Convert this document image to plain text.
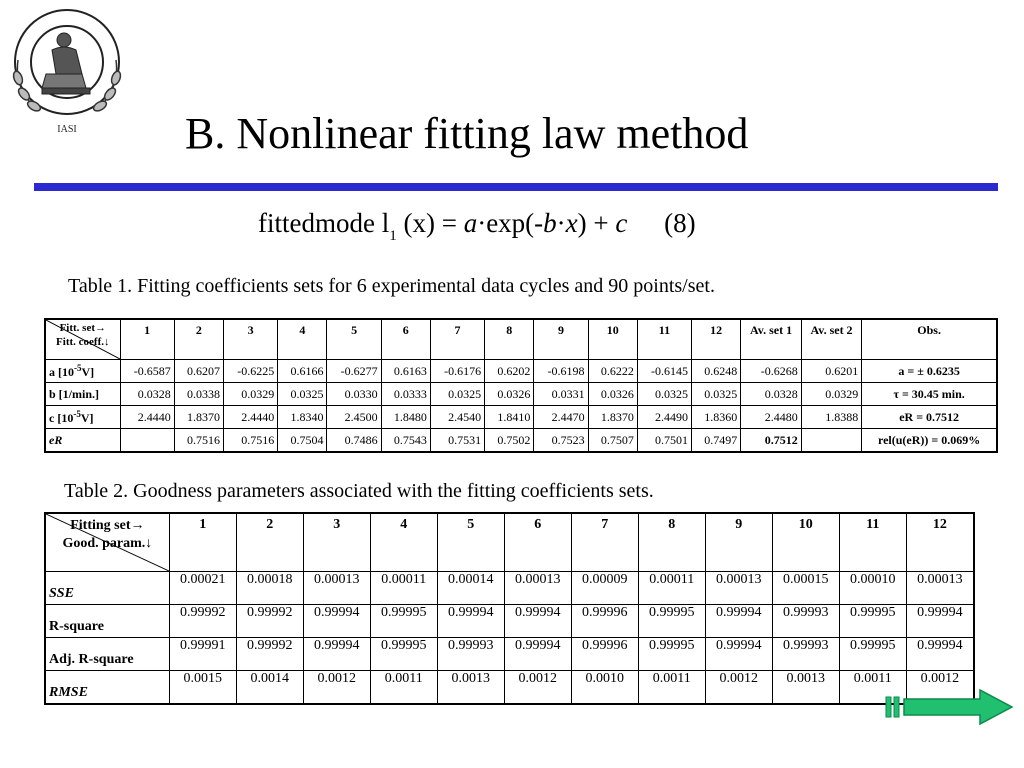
IASI B. Nonlinear fitting law method
fittedmode $l_1$ (x) = a·exp(-b·x) + c (8)
Table 1. Fitting coefficients sets for 6 experimental data cycles and 90 points/set.
Fitt. set→
Fitt. coeff.↓	1	2	3	4	5	6	7	8	9	10	11	12	Av. set 1	Av. set 2	Obs.
a $[10^{-5}V]$	-0.6587	0.6207	-0.6225	0.6166	-0.6277	0.6163	-0.6176	0.6202	-0.6198	0.6222	-0.6145	0.6248	-0.6268	0.6201	a = ± 0.6235
b [1/min.]	0.0328	0.0338	0.0329	0.0325	0.0330	0.0333	0.0325	0.0326	0.0331	0.0326	0.0325	0.0325	0.0328	0.0329	τ = 30.45 min.
c $[10^{-5}V]$	2.4440	1.8370	2.4440	1.8340	2.4500	1.8480	2.4540	1.8410	2.4470	1.8370	2.4490	1.8360	2.4480	1.8388	eR = 0.7512
eR		0.7516	0.7516	0.7504	0.7486	0.7543	0.7531	0.7502	0.7523	0.7507	0.7501	0.7497	0.7512		rel(u(eR)) = 0.069%
Table 2. Goodness parameters associated with the fitting coefficients sets.
Fitting set→
Good. param.↓	1	2	3	4	5	6	7	8	9	10	11	12
SSE	0.00021	0.00018	0.00013	0.00011	0.00014	0.00013	0.00009	0.00011	0.00013	0.00015	0.00010	0.00013
R-square	0.99992	0.99992	0.99994	0.99995	0.99994	0.99994	0.99996	0.99995	0.99994	0.99993	0.99995	0.99994
Adj. R-square	0.99991	0.99992	0.99994	0.99995	0.99993	0.99994	0.99996	0.99995	0.99994	0.99993	0.99995	0.99994
RMSE	0.0015	0.0014	0.0012	0.0011	0.0013	0.0012	0.0010	0.0011	0.0012	0.0013	0.0011	0.0012
